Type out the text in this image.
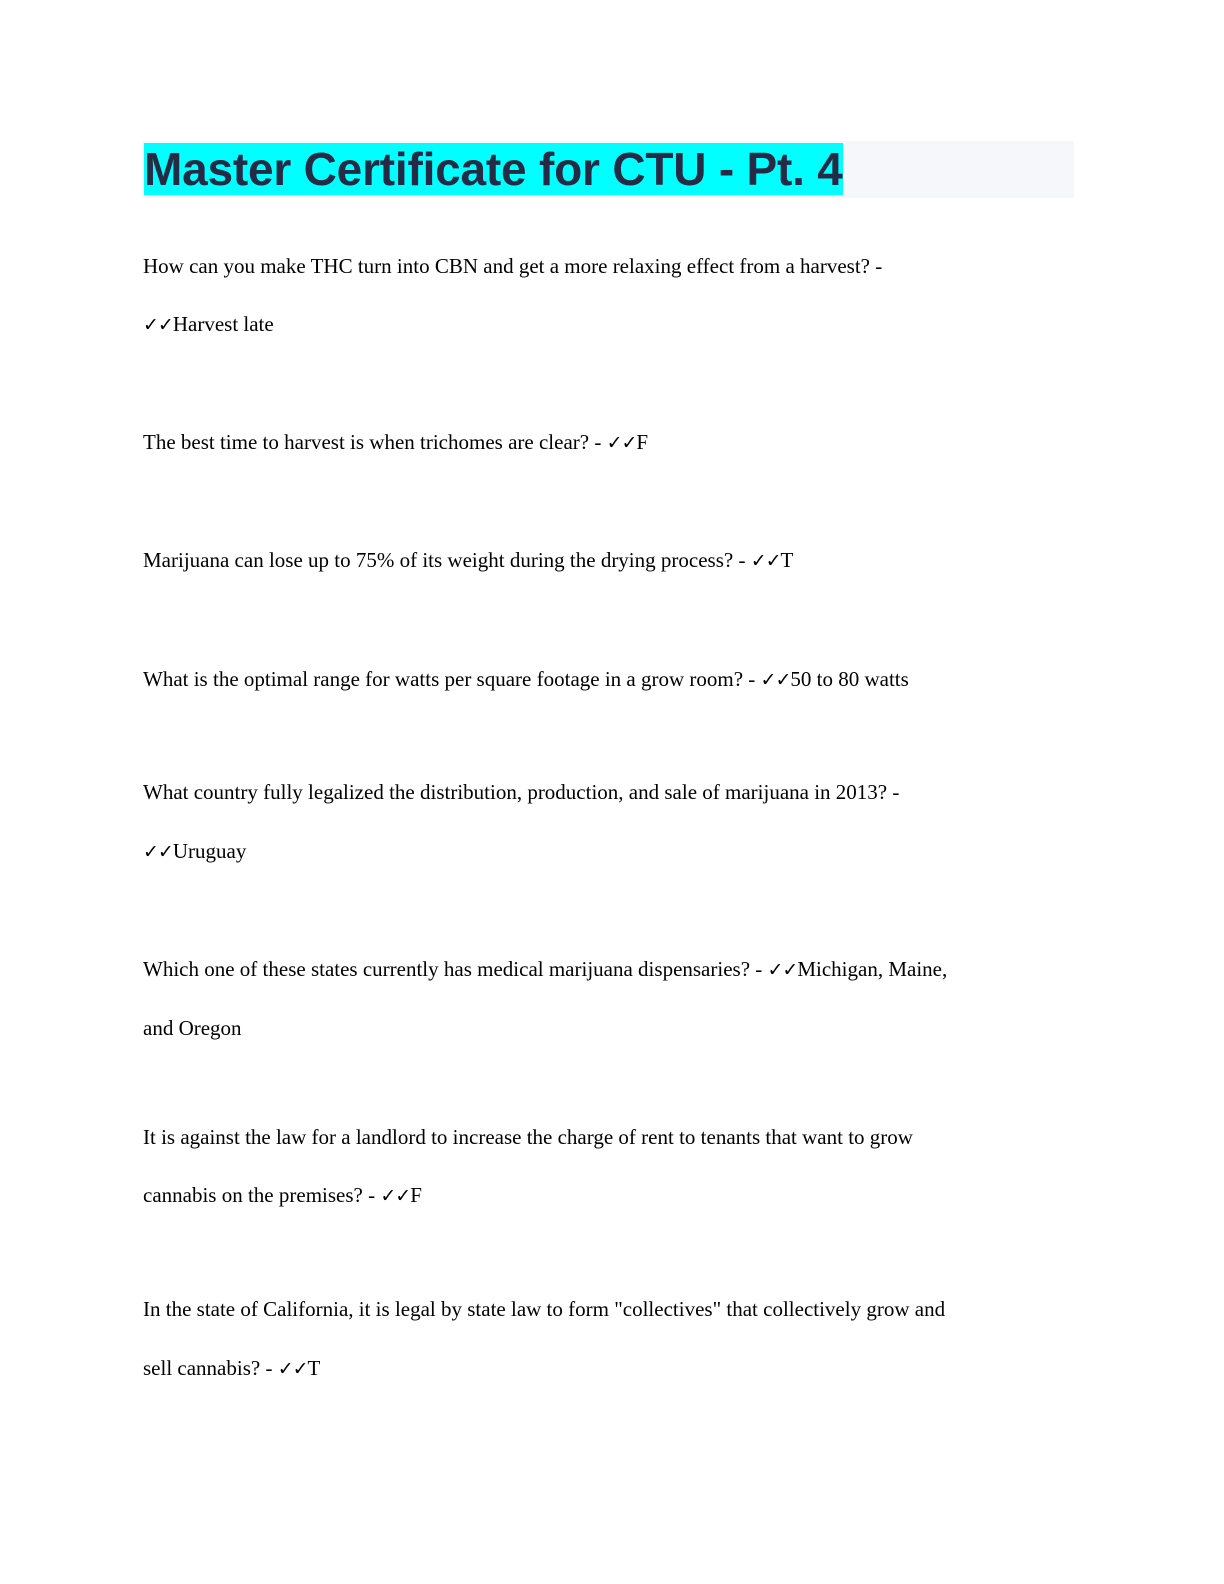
Master Certificate for CTU - Pt. 4
How can you make THC turn into CBN and get a more relaxing effect from a harvest? -
✓✓Harvest late
The best time to harvest is when trichomes are clear? - ✓✓F
Marijuana can lose up to 75% of its weight during the drying process? - ✓✓T
What is the optimal range for watts per square footage in a grow room? - ✓✓50 to 80 watts
What country fully legalized the distribution, production, and sale of marijuana in 2013? -
✓✓Uruguay
Which one of these states currently has medical marijuana dispensaries? - ✓✓Michigan, Maine,
and Oregon
It is against the law for a landlord to increase the charge of rent to tenants that want to grow
cannabis on the premises? - ✓✓F
In the state of California, it is legal by state law to form "collectives" that collectively grow and
sell cannabis? - ✓✓T
